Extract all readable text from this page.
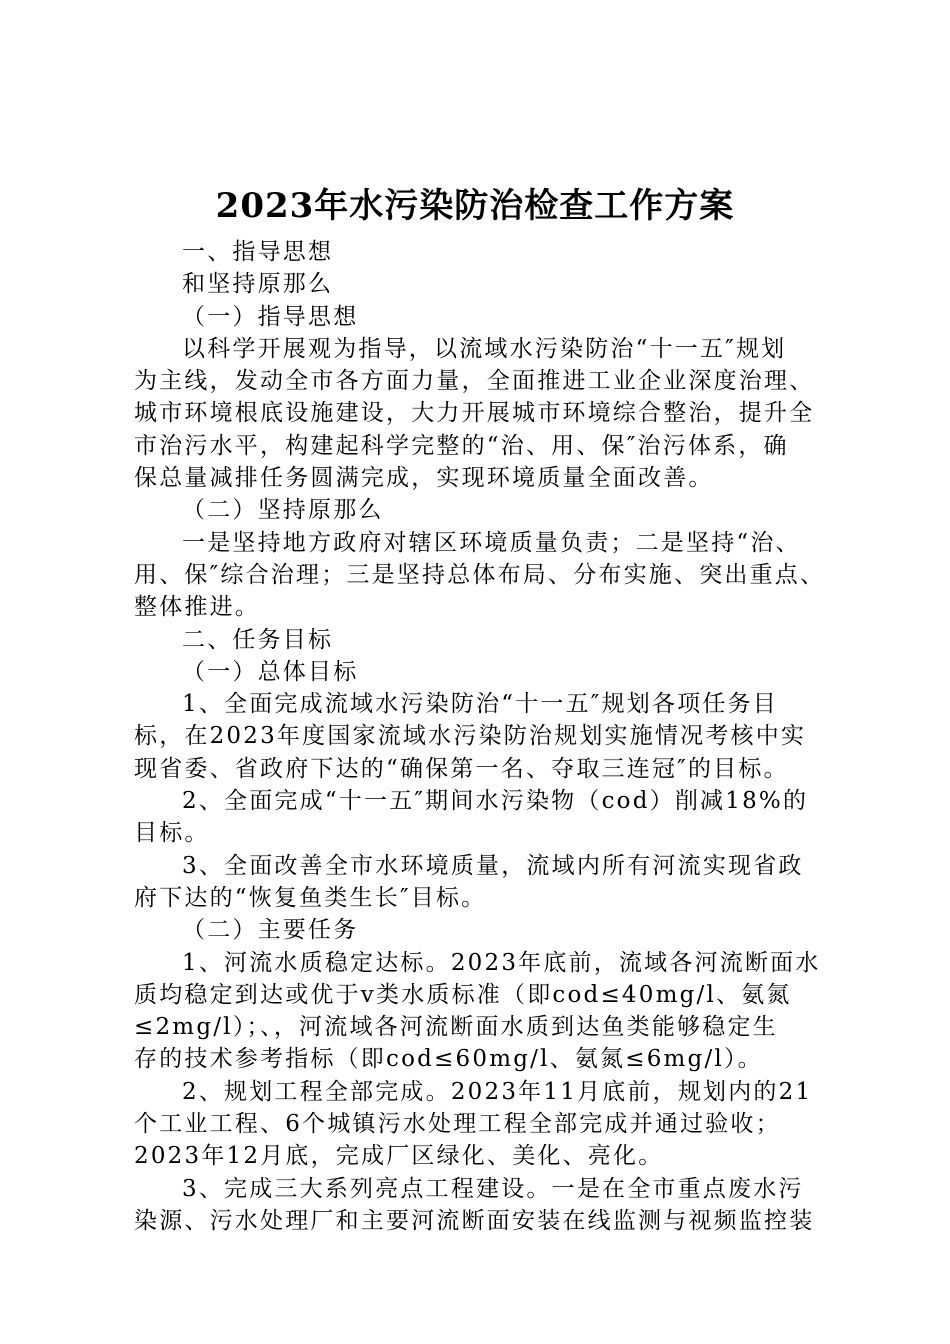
2023年水污染防治检查工作方案
一、指导思想
和坚持原那么
（一）指导思想
以科学开展观为指导，以流域水污染防治“十一五″规划
为主线，发动全市各方面力量，全面推进工业企业深度治理、
城市环境根底设施建设，大力开展城市环境综合整治，提升全
市治污水平，构建起科学完整的“治、用、保″治污体系，确
保总量减排任务圆满完成，实现环境质量全面改善。
（二）坚持原那么
一是坚持地方政府对辖区环境质量负责；二是坚持“治、
用、保″综合治理；三是坚持总体布局、分布实施、突出重点、
整体推进。
二、任务目标
（一）总体目标
1、全面完成流域水污染防治“十一五″规划各项任务目
标，在2023年度国家流域水污染防治规划实施情况考核中实
现省委、省政府下达的“确保第一名、夺取三连冠″的目标。
2、全面完成“十一五″期间水污染物（cod）削减18%的
目标。
3、全面改善全市水环境质量，流域内所有河流实现省政
府下达的“恢复鱼类生长″目标。
（二）主要任务
1、河流水质稳定达标。2023年底前，流域各河流断面水
质均稳定到达或优于v类水质标准（即cod≤40mg/l、氨氮
≤2mg/l）；、，河流域各河流断面水质到达鱼类能够稳定生
存的技术参考指标（即cod≤60mg/l、氨氮≤6mg/l）。
2、规划工程全部完成。2023年11月底前，规划内的21
个工业工程、6个城镇污水处理工程全部完成并通过验收；
2023年12月底，完成厂区绿化、美化、亮化。
3、完成三大系列亮点工程建设。一是在全市重点废水污
染源、污水处理厂和主要河流断面安装在线监测与视频监控装
